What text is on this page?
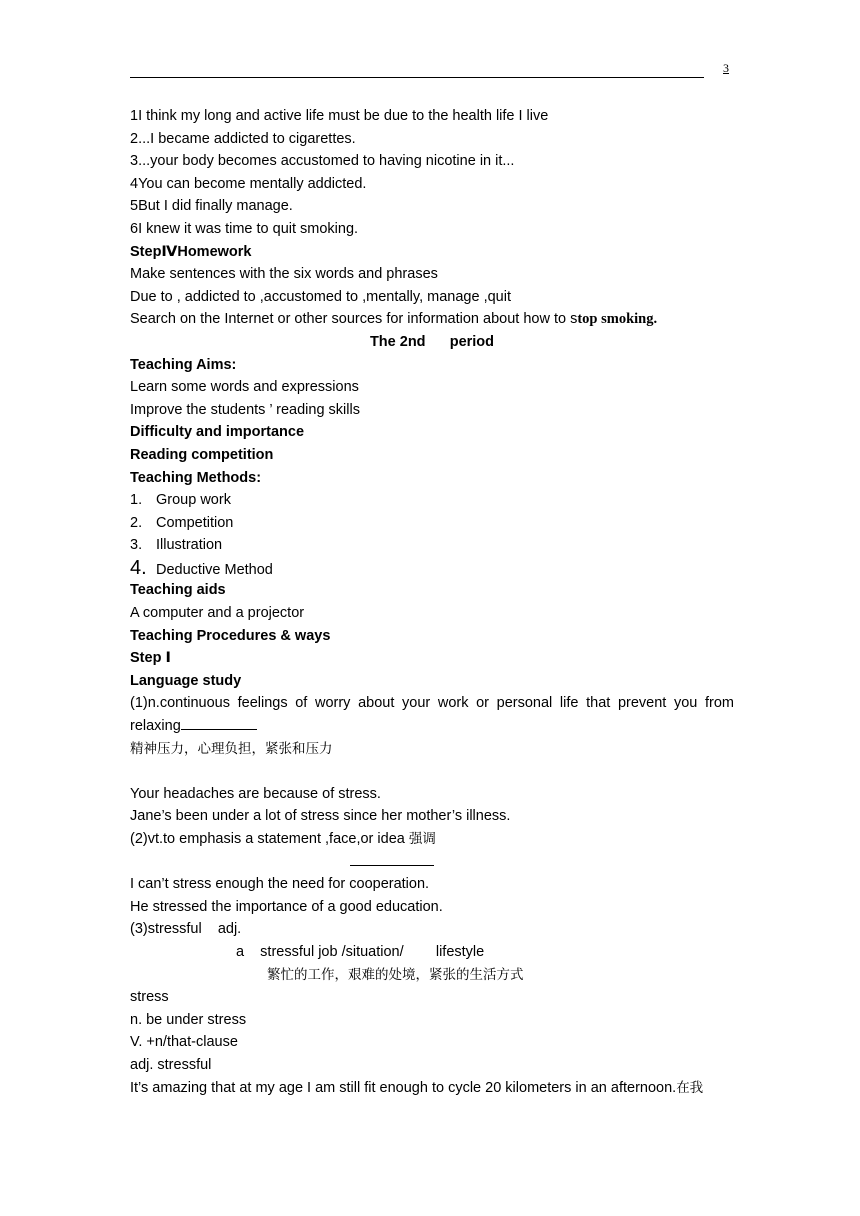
3
1I think my long and active life must be due to the health life I live
2...I became addicted to cigarettes.
3...your body becomes accustomed to having nicotine in it...
4You can become mentally addicted.
5But I did finally manage.
6I knew it was time to quit smoking.
StepⅣHomework
Make sentences with the six words and phrases
Due to , addicted to ,accustomed to ,mentally, manage ,quit
Search on the Internet or other sources for information about how to stop smoking.
The 2nd      period
Teaching Aims:
Learn some words and expressions
Improve the students ’ reading skills
Difficulty and importance
Reading competition
Teaching Methods:
1. Group work
2. Competition
3. Illustration
4. Deductive Method
Teaching aids
A computer and a projector
Teaching Procedures & ways
Step Ⅰ
Language study
(1)n.continuous feelings of worry about your work or personal life that prevent you from
relaxing
精神压力，心理负担，紧张和压力
Your headaches are because of stress.
Jane’s been under a lot of stress since her mother’s illness.
(2)vt.to emphasis a statement ,face,or idea 强调
I can’t stress enough the need for cooperation.
He stressed the importance of a good education.
(3)stressful    adj.
a    stressful job /situation/        lifestyle
繁忙的工作，艰难的处境，紧张的生活方式
stress
n. be under stress
V. +n/that-clause
adj. stressful
It’s amazing that at my age I am still fit enough to cycle 20 kilometers in an afternoon.在我
